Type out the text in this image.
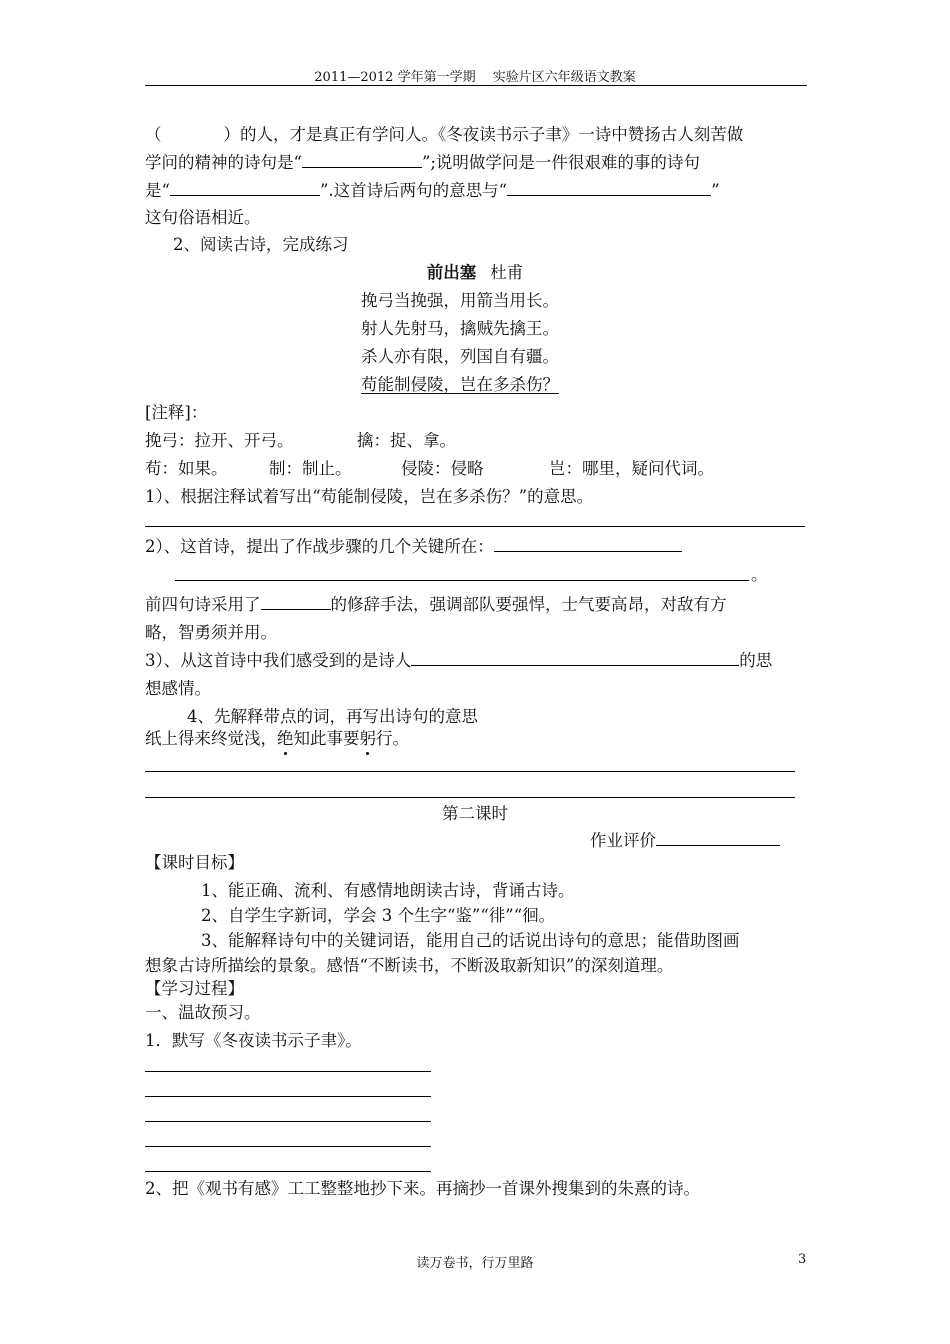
2011—2012 学年第一学期　 实验片区六年级语文教案
（	）的人，才是真正有学问人。《冬夜读书示子聿》一诗中赞扬古人刻苦做
学问的精神的诗句是“	”;说明做学问是一件很艰难的事的诗句
是“	”.这首诗后两句的意思与“	”
这句俗语相近。
2、阅读古诗，完成练习
前出塞 杜甫
挽弓当挽强，用箭当用长。
射人先射马，擒贼先擒王。
杀人亦有限，列国自有疆。
苟能制侵陵，岂在多杀伤？
[注释]：
挽弓：拉开、开弓。	擒：捉、拿。
苟：如果。	制：制止。	侵陵：侵略	岂：哪里，疑问代词。
1）、根据注释试着写出“苟能制侵陵，岂在多杀伤？”的意思。
2）、这首诗，提出了作战步骤的几个关键所在：
。
前四句诗采用了	的修辞手法，强调部队要强悍，士气要高昂，对敌有方
略，智勇须并用。
3）、从这首诗中我们感受到的是诗人	的思
想感情。
4、先解释带点的词，再写出诗句的意思
纸上得来终觉浅，绝知此事要躬行。
第二课时
作业评价
【课时目标】
1、能正确、流利、有感情地朗读古诗，背诵古诗。
2、自学生字新词，学会 3 个生字“鉴”“徘”“徊。
3、能解释诗句中的关键词语，能用自己的话说出诗句的意思；能借助图画
想象古诗所描绘的景象。感悟“不断读书，不断汲取新知识”的深刻道理。
【学习过程】
一、温故预习。
1．默写《冬夜读书示子聿》。
2、把《观书有感》工工整整地抄下来。再摘抄一首课外搜集到的朱熹的诗。
读万卷书，行万里路	3
